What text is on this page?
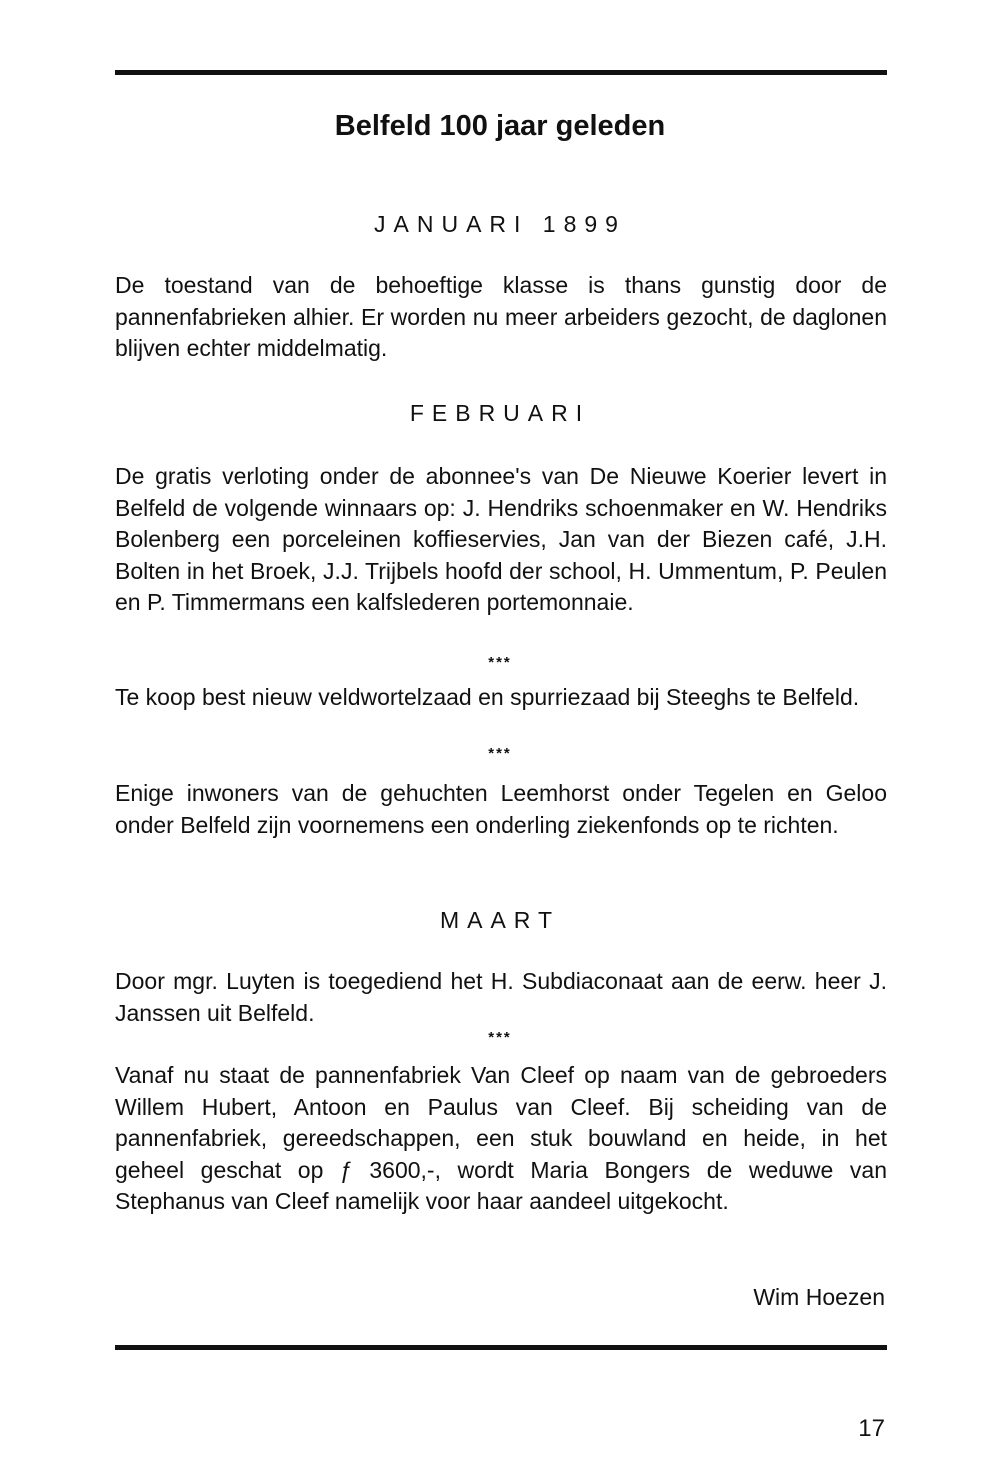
Belfeld 100 jaar geleden
JANUARI 1899

De toestand van de behoeftige klasse is thans gunstig door de pannenfabrieken alhier. Er worden nu meer arbeiders gezocht, de daglonen blijven echter middelmatig.

FEBRUARI

De gratis verloting onder de abonnee's van De Nieuwe Koerier levert in Belfeld de volgende winnaars op: J. Hendriks schoenmaker en W. Hendriks Bolenberg een porceleinen koffieservies, Jan van der Biezen café, J.H. Bolten in het Broek, J.J. Trijbels hoofd der school, H. Ummentum, P. Peulen en P. Timmermans een kalfslederen portemonnaie.

***

Te koop best nieuw veldwortelzaad en spurriezaad bij Steeghs te Belfeld.

***

Enige inwoners van de gehuchten Leemhorst onder Tegelen en Geloo onder Belfeld zijn voornemens een onderling ziekenfonds op te richten.

MAART

Door mgr. Luyten is toegediend het H. Subdiaconaat aan de eerw. heer J. Janssen uit Belfeld.

***

Vanaf nu staat de pannenfabriek Van Cleef op naam van de gebroeders Willem Hubert, Antoon en Paulus van Cleef. Bij scheiding van de pannenfabriek, gereedschappen, een stuk bouwland en heide, in het geheel geschat op ƒ 3600,-, wordt Maria Bongers de weduwe van Stephanus van Cleef namelijk voor haar aandeel uitgekocht.

Wim Hoezen
17
